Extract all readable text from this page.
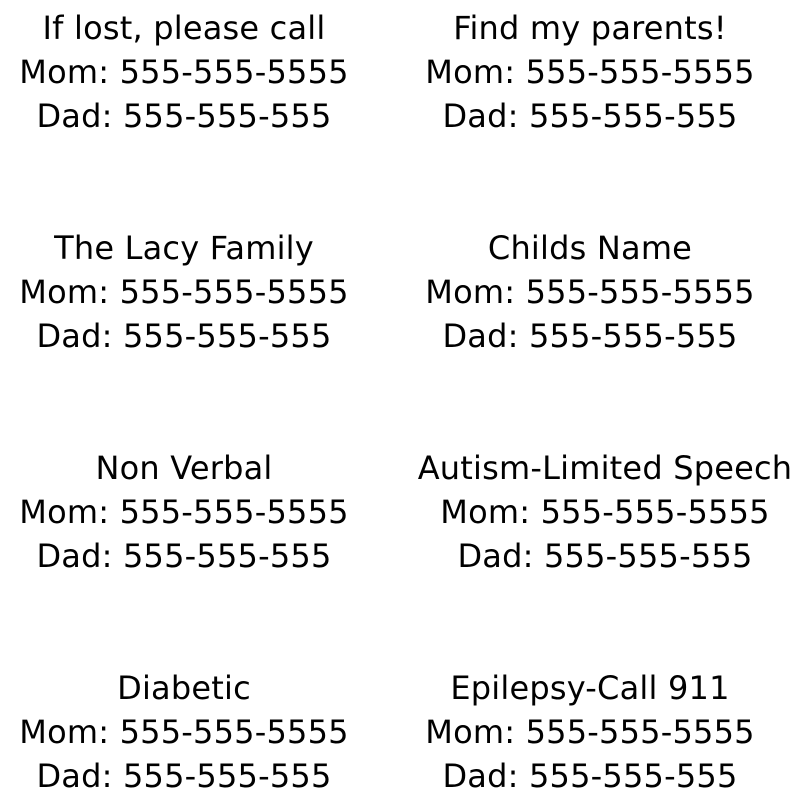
If lost, please call
Mom: 555-555-5555
Dad: 555-555-555
Find my parents!
Mom: 555-555-5555
Dad: 555-555-555
The Lacy Family
Mom: 555-555-5555
Dad: 555-555-555
Childs Name
Mom: 555-555-5555
Dad: 555-555-555
Non Verbal
Mom: 555-555-5555
Dad: 555-555-555
Autism-Limited Speech
Mom: 555-555-5555
Dad: 555-555-555
Diabetic
Mom: 555-555-5555
Dad: 555-555-555
Epilepsy-Call 911
Mom: 555-555-5555
Dad: 555-555-555
